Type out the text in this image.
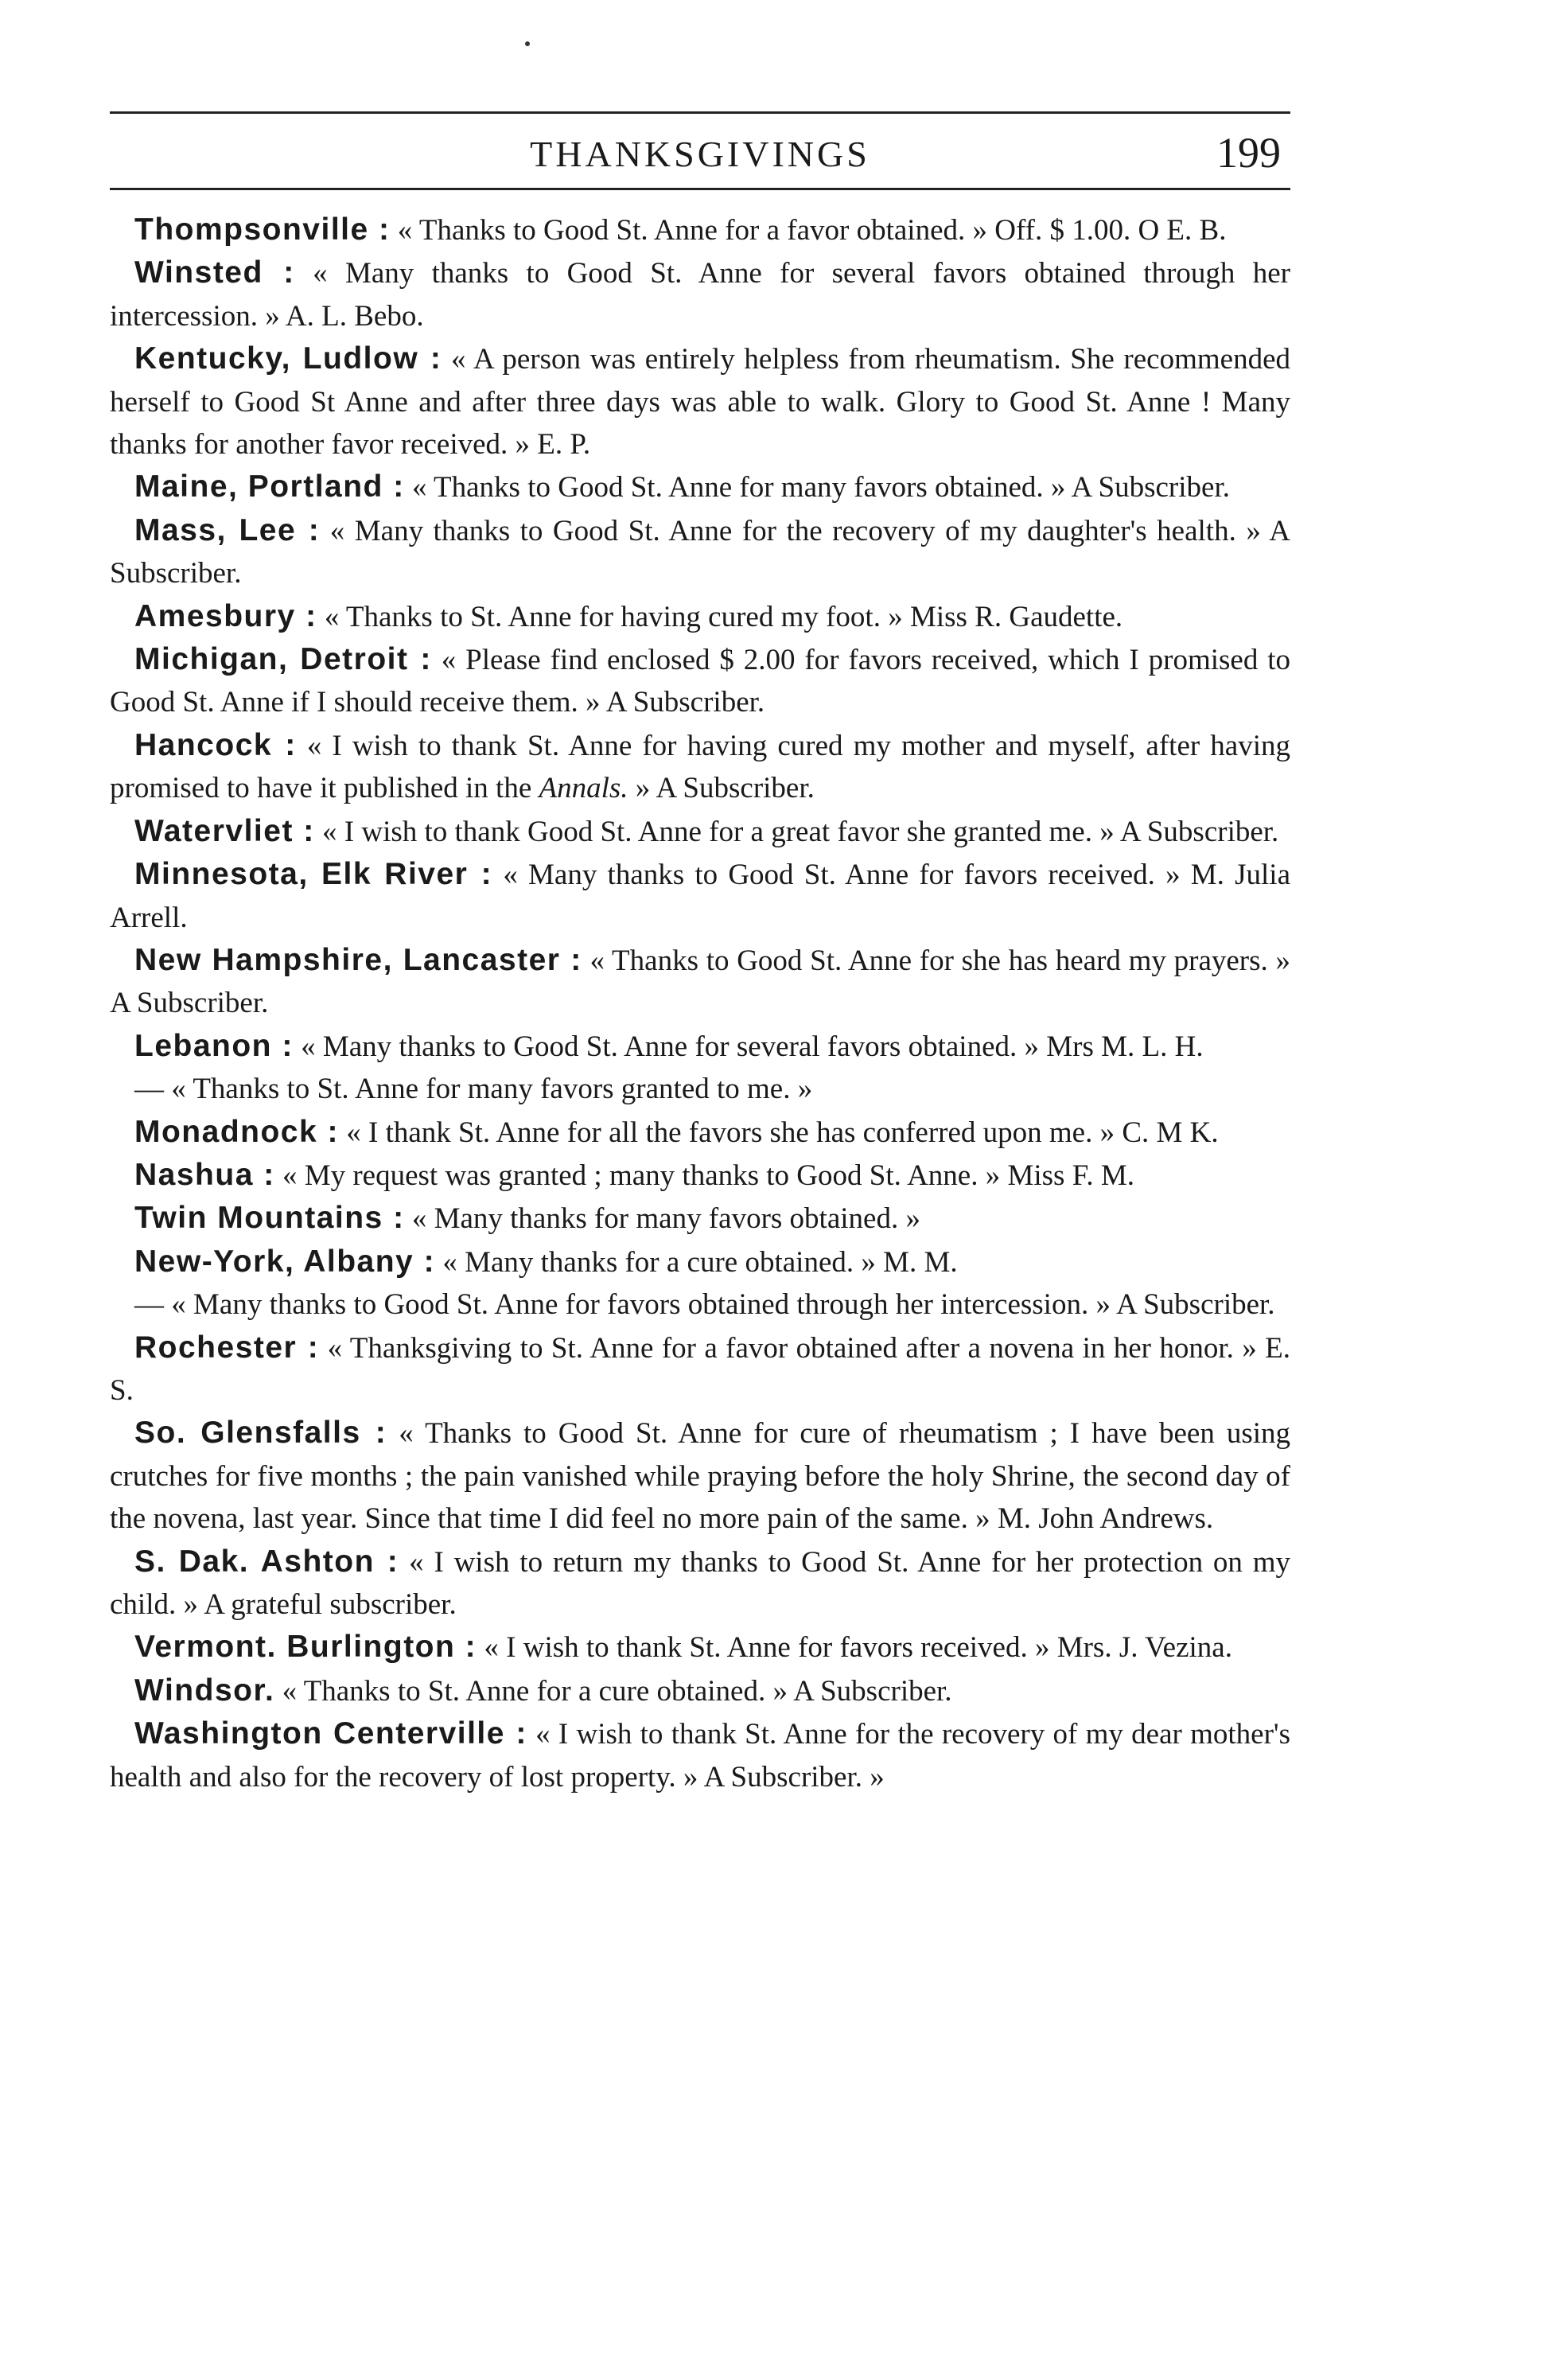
THANKSGIVINGS	199

Thompsonville : « Thanks to Good St. Anne for a favor obtained. » Off. $ 1.00. O E. B.

Winsted : « Many thanks to Good St. Anne for several favors obtained through her intercession. » A. L. Bebo.

Kentucky, Ludlow : « A person was entirely helpless from rheumatism. She recommended herself to Good St Anne and after three days was able to walk. Glory to Good St. Anne ! Many thanks for another favor received. » E. P.

Maine, Portland : « Thanks to Good St. Anne for many favors obtained. » A Subscriber.

Mass, Lee : « Many thanks to Good St. Anne for the recovery of my daughter's health. » A Subscriber.

Amesbury : « Thanks to St. Anne for having cured my foot. » Miss R. Gaudette.

Michigan, Detroit : « Please find enclosed $ 2.00 for favors received, which I promised to Good St. Anne if I should receive them. » A Subscriber.

Hancock : « I wish to thank St. Anne for having cured my mother and myself, after having promised to have it published in the Annals. » A Subscriber.

Watervliet : « I wish to thank Good St. Anne for a great favor she granted me. » A Subscriber.

Minnesota, Elk River : « Many thanks to Good St. Anne for favors received. » M. Julia Arrell.

New Hampshire, Lancaster : « Thanks to Good St. Anne for she has heard my prayers. » A Subscriber.

Lebanon : « Many thanks to Good St. Anne for several favors obtained. » Mrs M. L. H.

— « Thanks to St. Anne for many favors granted to me. »

Monadnock : « I thank St. Anne for all the favors she has conferred upon me. » C. M K.

Nashua : « My request was granted ; many thanks to Good St. Anne. » Miss F. M.

Twin Mountains : « Many thanks for many favors obtained. »

New-York, Albany : « Many thanks for a cure obtained. » M. M.

— « Many thanks to Good St. Anne for favors obtained through her intercession. » A Subscriber.

Rochester : « Thanksgiving to St. Anne for a favor obtained after a novena in her honor. » E. S.

So. Glensfalls : « Thanks to Good St. Anne for cure of rheumatism ; I have been using crutches for five months ; the pain vanished while praying before the holy Shrine, the second day of the novena, last year. Since that time I did feel no more pain of the same. » M. John Andrews.

S. Dak. Ashton : « I wish to return my thanks to Good St. Anne for her protection on my child. » A grateful subscriber.

Vermont. Burlington : « I wish to thank St. Anne for favors received. » Mrs. J. Vezina.

Windsor. « Thanks to St. Anne for a cure obtained. » A Subscriber.

Washington Centerville : « I wish to thank St. Anne for the recovery of my dear mother's health and also for the recovery of lost property. » A Subscriber. »
